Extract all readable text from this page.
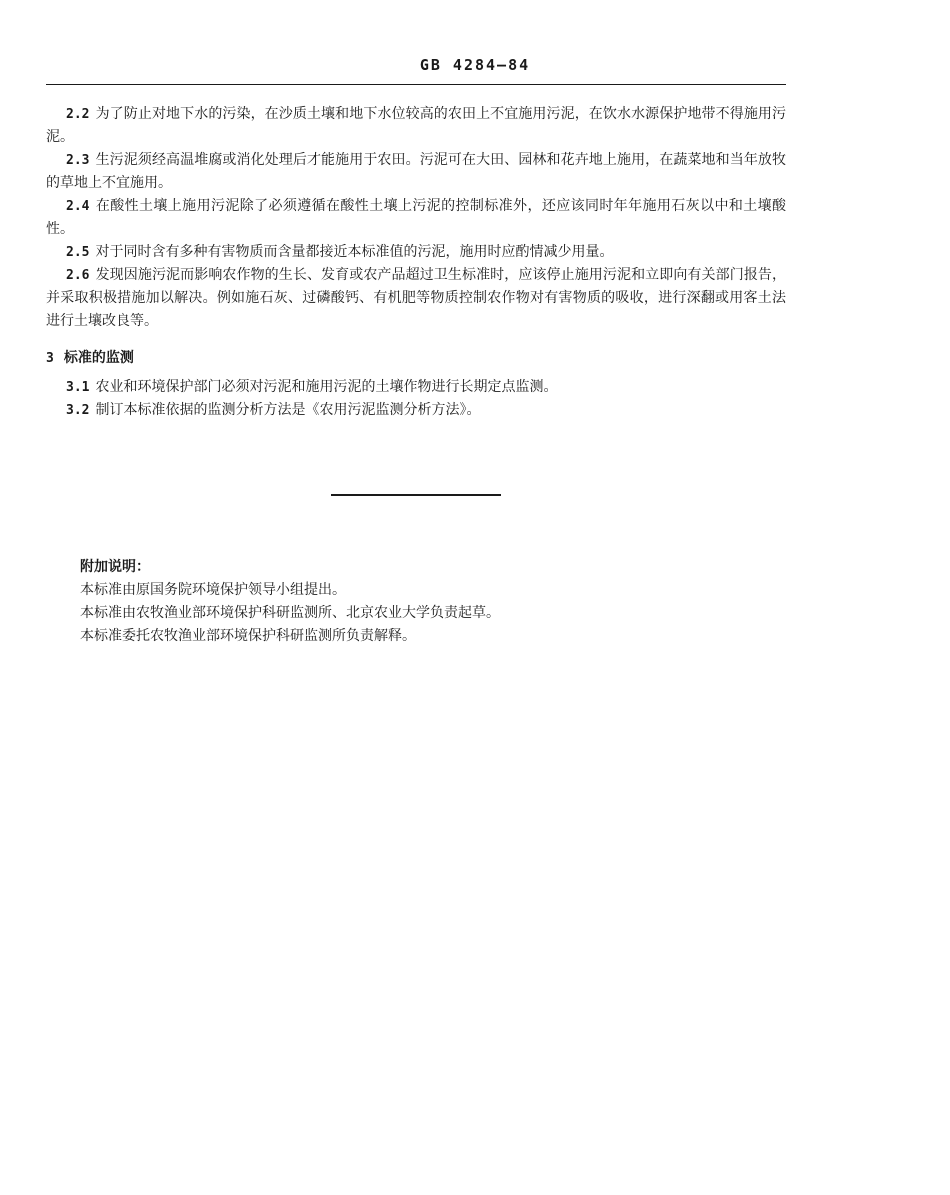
GB 4284—84

2.2 为了防止对地下水的污染，在沙质土壤和地下水位较高的农田上不宜施用污泥，在饮水水源保护地带不得施用污泥。

2.3 生污泥须经高温堆腐或消化处理后才能施用于农田。污泥可在大田、园林和花卉地上施用，在蔬菜地和当年放牧的草地上不宜施用。

2.4 在酸性土壤上施用污泥除了必须遵循在酸性土壤上污泥的控制标准外，还应该同时年年施用石灰以中和土壤酸性。

2.5 对于同时含有多种有害物质而含量都接近本标准值的污泥，施用时应酌情减少用量。

2.6 发现因施污泥而影响农作物的生长、发育或农产品超过卫生标准时，应该停止施用污泥和立即向有关部门报告，并采取积极措施加以解决。例如施石灰、过磷酸钙、有机肥等物质控制农作物对有害物质的吸收，进行深翻或用客土法进行土壤改良等。

3 标准的监测

3.1 农业和环境保护部门必须对污泥和施用污泥的土壤作物进行长期定点监测。

3.2 制订本标准依据的监测分析方法是《农用污泥监测分析方法》。

附加说明：

本标准由原国务院环境保护领导小组提出。

本标准由农牧渔业部环境保护科研监测所、北京农业大学负责起草。

本标准委托农牧渔业部环境保护科研监测所负责解释。
